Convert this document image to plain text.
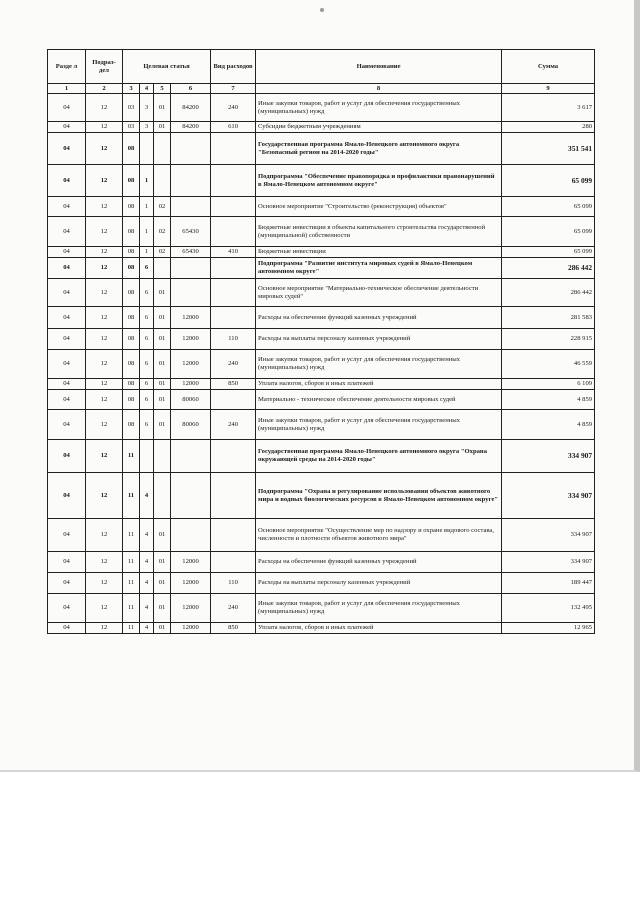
Разде л	Подраз- дел	Целевая статья				Вид расходов	Наименование	Сумма
1	2	3	4	5	6	7	8	9
04	12	03	3	01	84200	240	Иные закупки товаров, работ и услуг для обеспечения государственных (муниципальных) нужд	3 617
04	12	03	3	01	84200	610	Субсидии бюджетным учреждениям	280
04	12	08					Государственная программа Ямало-Ненецкого автономного округа "Безопасный регион на 2014-2020 годы"	351 541
04	12	08	1				Подпрограмма "Обеспечение правопорядка и профилактики правонарушений в Ямало-Ненецком автономном округе"	65 099
04	12	08	1	02			Основное мероприятие "Строительство (реконструкция) объектов"	65 099
04	12	08	1	02	65430		Бюджетные инвестиции в объекты капитального строительства государственной (муниципальной) собственности	65 099
04	12	08	1	02	65430	410	Бюджетные инвестиции	65 099
04	12	08	6				Подпрограмма "Развитие института мировых судей в Ямало-Ненецком автономном округе"	286 442
04	12	08	6	01			Основное мероприятие "Материально-техническое обеспечение деятельности мировых судей"	286 442
04	12	08	6	01	12000		Расходы на обеспечение функций казенных учреждений	281 583
04	12	08	6	01	12000	110	Расходы на выплаты персоналу казенных учреждений	228 915
04	12	08	6	01	12000	240	Иные закупки товаров, работ и услуг для обеспечения государственных (муниципальных) нужд	46 559
04	12	08	6	01	12000	850	Уплата налогов, сборов и иных платежей	6 109
04	12	08	6	01	80060		Материально - техническое обеспечение деятельности мировых судей	4 859
04	12	08	6	01	80060	240	Иные закупки товаров, работ и услуг для обеспечения государственных (муниципальных) нужд	4 859
04	12	11					Государственная программа Ямало-Ненецкого автономного округа "Охрана окружающей среды на 2014-2020 годы"	334 907
04	12	11	4				Подпрограмма "Охрана и регулирование использования объектов животного мира и водных биологических ресурсов в Ямало-Ненецком автономном округе"	334 907
04	12	11	4	01			Основное мероприятие "Осуществление мер по надзору и охране видового состава, численности и плотности объектов животного мира"	334 907
04	12	11	4	01	12000		Расходы на обеспечение функций казенных учреждений	334 907
04	12	11	4	01	12000	110	Расходы на выплаты персоналу казенных учреждений	189 447
04	12	11	4	01	12000	240	Иные закупки товаров, работ и услуг для обеспечения государственных (муниципальных) нужд	132 495
04	12	11	4	01	12000	850	Уплата налогов, сборов и иных платежей	12 965
